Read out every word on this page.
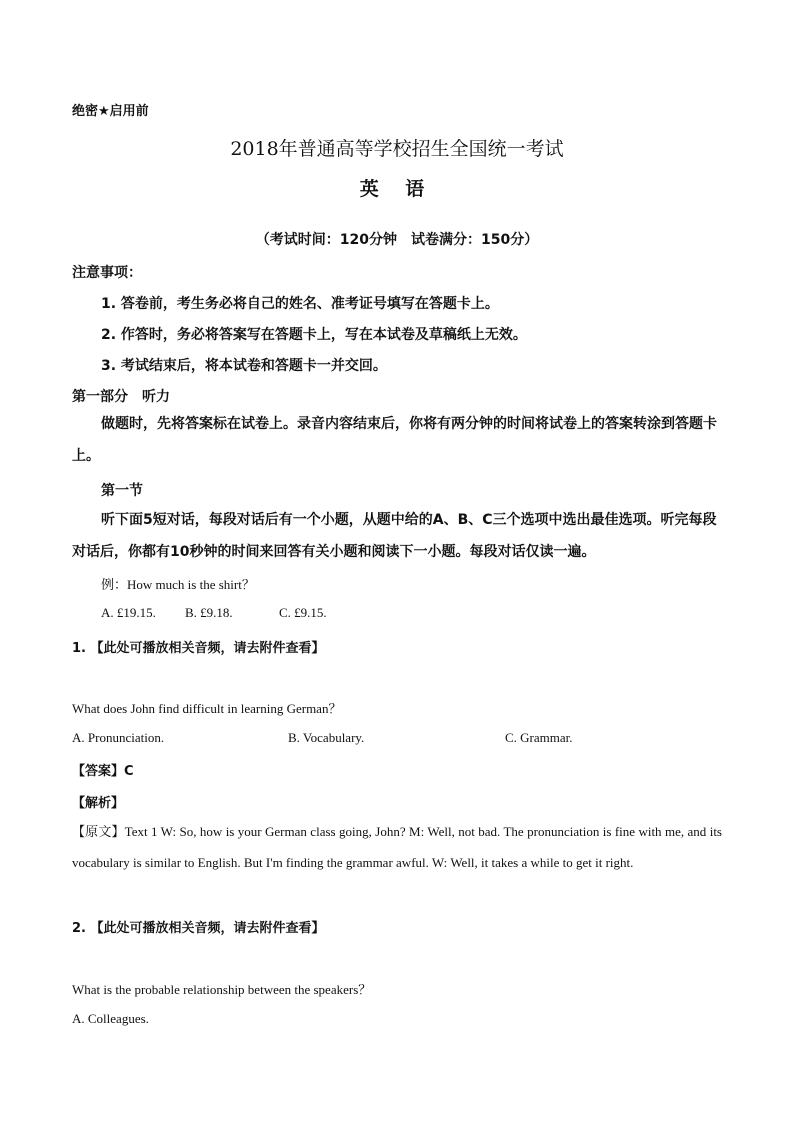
绝密★启用前
2018年普通高等学校招生全国统一考试
英 语
（考试时间：120分钟　试卷满分：150分）
注意事项：
1. 答卷前，考生务必将自己的姓名、准考证号填写在答题卡上。
2. 作答时，务必将答案写在答题卡上，写在本试卷及草稿纸上无效。
3. 考试结束后，将本试卷和答题卡一并交回。
第一部分　听力
做题时，先将答案标在试卷上。录音内容结束后，你将有两分钟的时间将试卷上的答案转涂到答题卡上。
第一节
听下面5短对话，每段对话后有一个小题，从题中给的A、B、C三个选项中选出最佳选项。听完每段对话后，你都有10秒钟的时间来回答有关小题和阅读下一小题。每段对话仅读一遍。
例：How much is the shirt？
A. £19.15. B. £9.18.	C. £9.15.
1. 【此处可播放相关音频，请去附件查看】
What does John find difficult in learning German？
A. Pronunciation.	B. Vocabulary.	C. Grammar.
【答案】C
【解析】
【原文】Text 1 W: So, how is your German class going, John? M: Well, not bad. The pronunciation is fine with me, and its vocabulary is similar to English. But I'm finding the grammar awful. W: Well, it takes a while to get it right.
2. 【此处可播放相关音频，请去附件查看】
What is the probable relationship between the speakers？
A. Colleagues.
